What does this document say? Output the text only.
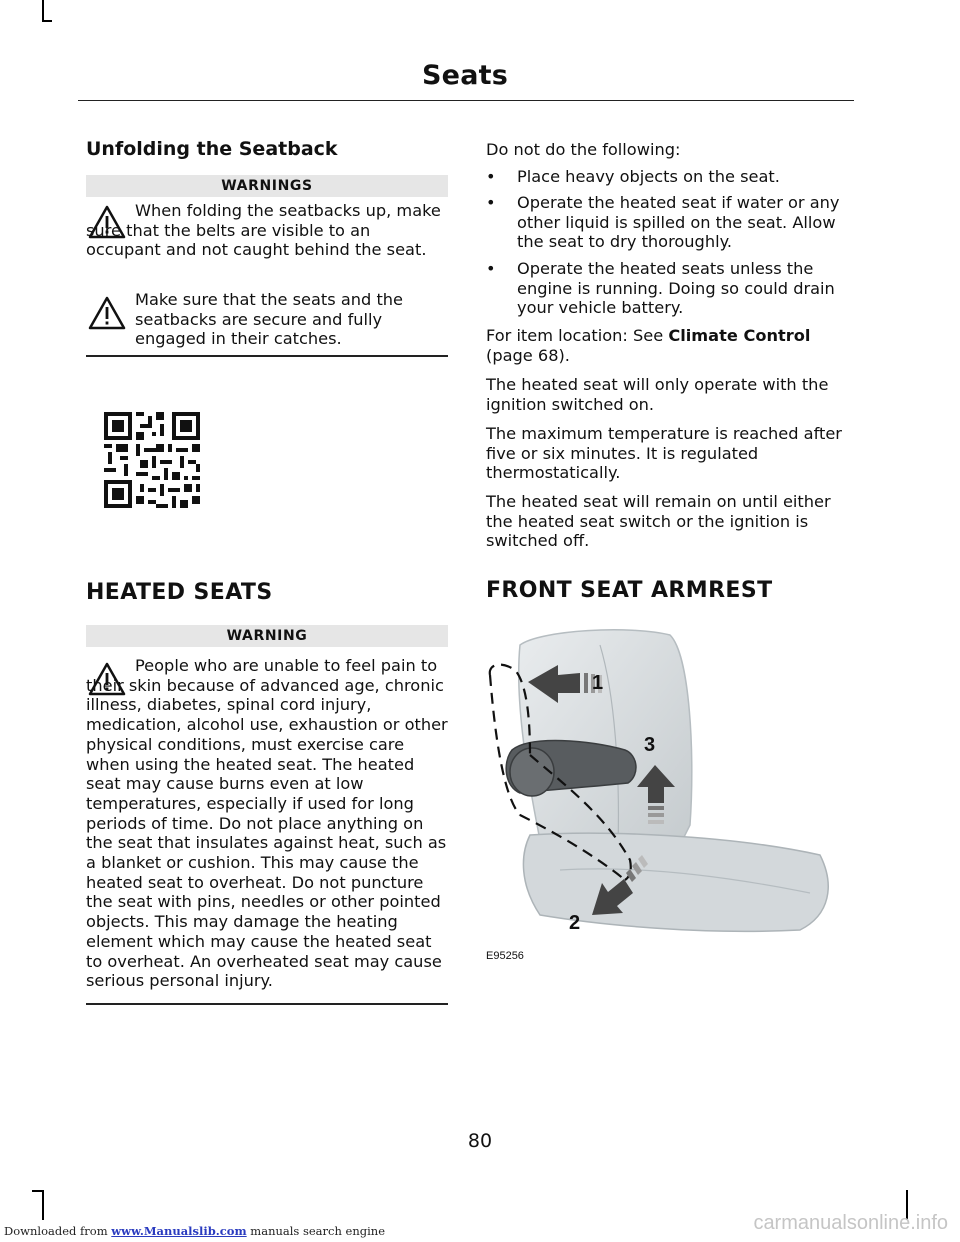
Seats
Unfolding the Seatback
WARNINGS
When folding the seatbacks up, make sure that the belts are visible to an occupant and not caught behind the seat.
Make sure that the seats and the seatbacks are secure and fully engaged in their catches.
HEATED SEATS
WARNING
People who are unable to feel pain to their skin because of advanced age, chronic illness, diabetes, spinal cord injury, medication, alcohol use, exhaustion or other physical conditions, must exercise care when using the heated seat. The heated seat may cause burns even at low temperatures, especially if used for long periods of time. Do not place anything on the seat that insulates against heat, such as a blanket or cushion. This may cause the heated seat to overheat. Do not puncture the seat with pins, needles or other pointed objects. This may damage the heating element which may cause the heated seat to overheat. An overheated seat may cause serious personal injury.
Do not do the following:
• Place heavy objects on the seat.
• Operate the heated seat if water or any other liquid is spilled on the seat. Allow the seat to dry thoroughly.
• Operate the heated seats unless the engine is running. Doing so could drain your vehicle battery.
For item location: See Climate Control
(page 68).
The heated seat will only operate with the ignition switched on.
The maximum temperature is reached after five or six minutes. It is regulated thermostatically.
The heated seat will remain on until either the heated seat switch or the ignition is switched off.
FRONT SEAT ARMREST
1
3
2
E95256
80
Downloaded from www.Manualslib.com manuals search engine	carmanualsonline.info
